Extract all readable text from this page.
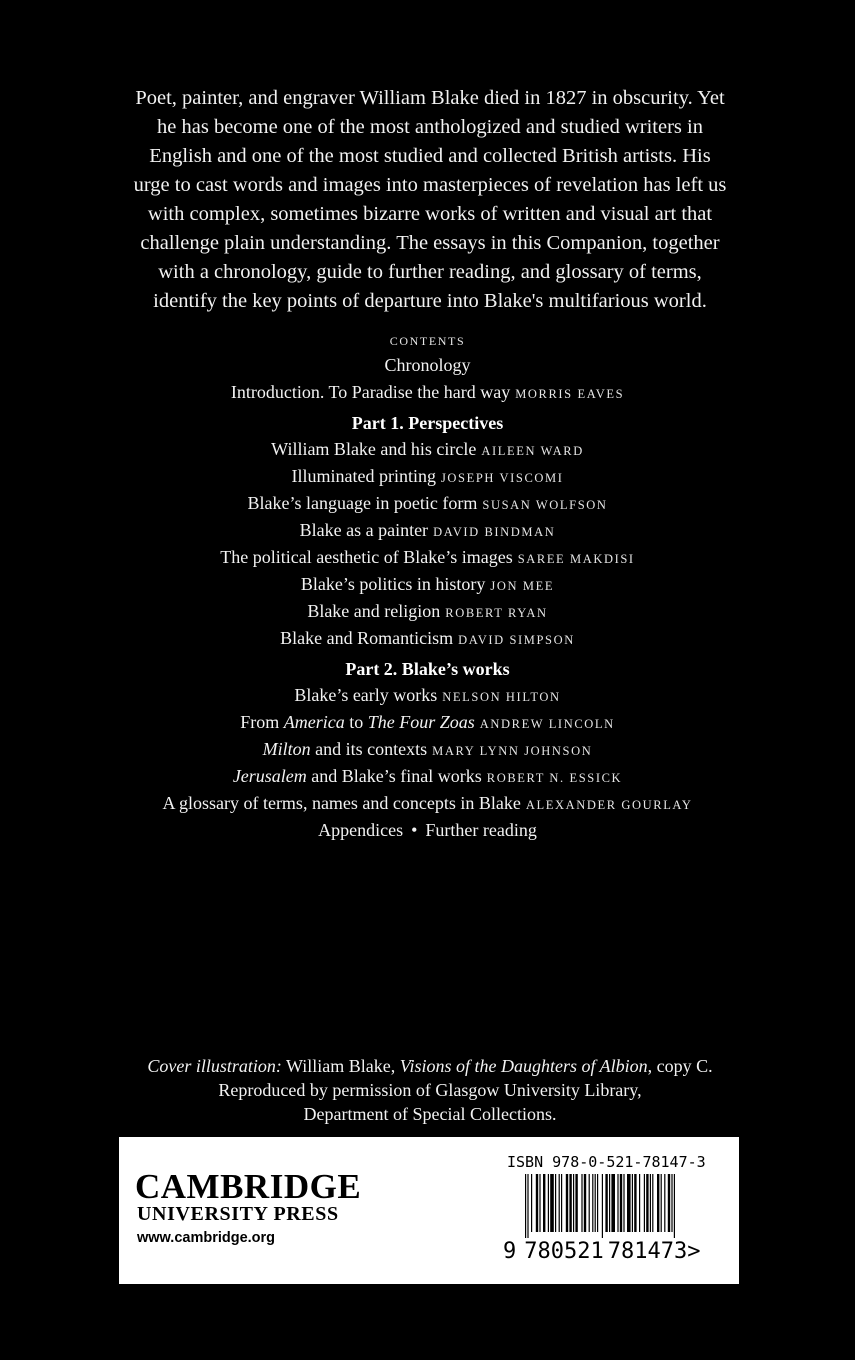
Poet, painter, and engraver William Blake died in 1827 in obscurity. Yet
he has become one of the most anthologized and studied writers in
English and one of the most studied and collected British artists. His
urge to cast words and images into masterpieces of revelation has left us
with complex, sometimes bizarre works of written and visual art that
challenge plain understanding. The essays in this Companion, together
with a chronology, guide to further reading, and glossary of terms,
identify the key points of departure into Blake's multifarious world.
CONTENTS
Chronology
Introduction. To Paradise the hard way MORRIS EAVES
Part 1. Perspectives
William Blake and his circle AILEEN WARD
Illuminated printing JOSEPH VISCOMI
Blake’s language in poetic form SUSAN WOLFSON
Blake as a painter DAVID BINDMAN
The political aesthetic of Blake’s images SAREE MAKDISI
Blake’s politics in history JON MEE
Blake and religion ROBERT RYAN
Blake and Romanticism DAVID SIMPSON
Part 2. Blake’s works
Blake’s early works NELSON HILTON
From America to The Four Zoas ANDREW LINCOLN
Milton and its contexts MARY LYNN JOHNSON
Jerusalem and Blake’s final works ROBERT N. ESSICK
A glossary of terms, names and concepts in Blake ALEXANDER GOURLAY
Appendices • Further reading
Cover illustration: William Blake, Visions of the Daughters of Albion, copy C.
Reproduced by permission of Glasgow University Library,
Department of Special Collections.
CAMBRIDGE
UNIVERSITY PRESS
www.cambridge.org
ISBN 978-0-521-78147-3
9 780521 781473>
